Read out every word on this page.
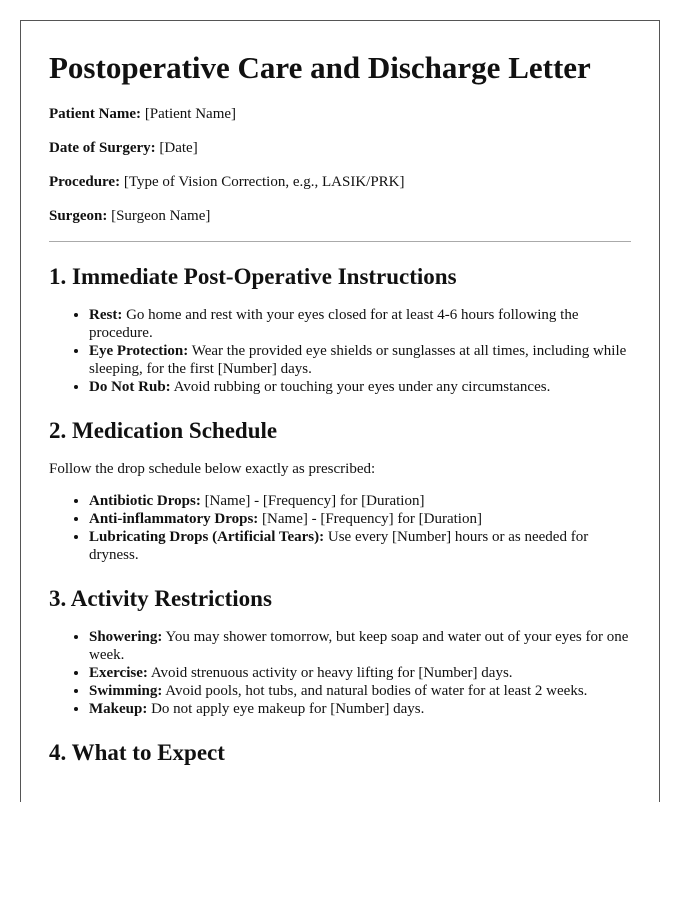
Postoperative Care and Discharge Letter

Patient Name: [Patient Name]

Date of Surgery: [Date]

Procedure: [Type of Vision Correction, e.g., LASIK/PRK]

Surgeon: [Surgeon Name]

1. Immediate Post-Operative Instructions
• Rest: Go home and rest with your eyes closed for at least 4-6 hours following the procedure.
• Eye Protection: Wear the provided eye shields or sunglasses at all times, including while sleeping, for the first [Number] days.
• Do Not Rub: Avoid rubbing or touching your eyes under any circumstances.
2. Medication Schedule

Follow the drop schedule below exactly as prescribed:

• Antibiotic Drops: [Name] - [Frequency] for [Duration]
• Anti-inflammatory Drops: [Name] - [Frequency] for [Duration]
• Lubricating Drops (Artificial Tears): Use every [Number] hours or as needed for dryness.
3. Activity Restrictions
• Showering: You may shower tomorrow, but keep soap and water out of your eyes for one week.
• Exercise: Avoid strenuous activity or heavy lifting for [Number] days.
• Swimming: Avoid pools, hot tubs, and natural bodies of water for at least 2 weeks.
• Makeup: Do not apply eye makeup for [Number] days.
4. What to Expect
